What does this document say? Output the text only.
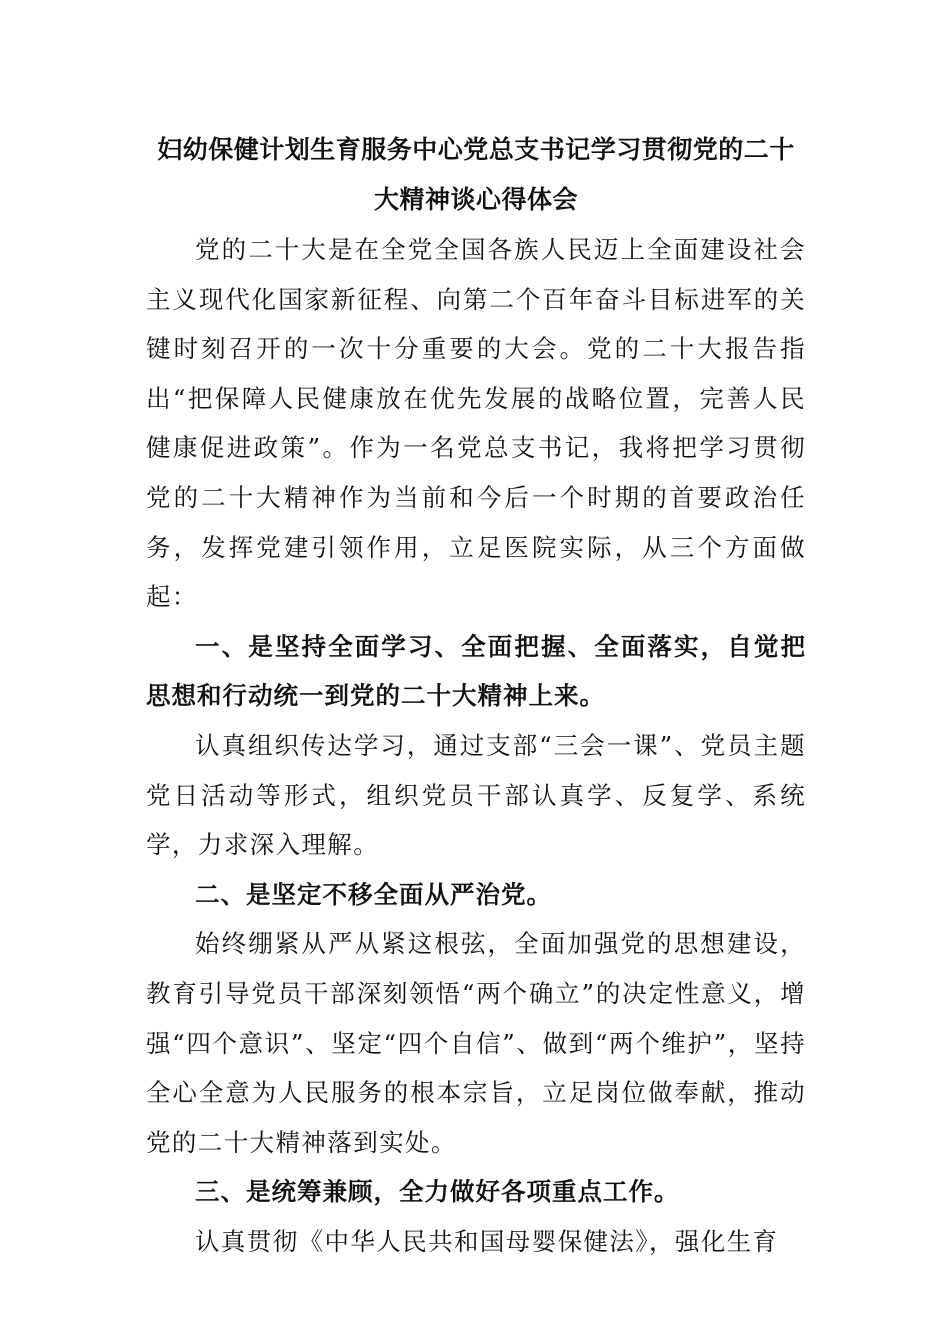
妇幼保健计划生育服务中心党总支书记学习贯彻党的二十
大精神谈心得体会

党的二十大是在全党全国各族人民迈上全面建设社会主义现代化国家新征程、向第二个百年奋斗目标进军的关键时刻召开的一次十分重要的大会。党的二十大报告指出“把保障人民健康放在优先发展的战略位置，完善人民健康促进政策”。作为一名党总支书记，我将把学习贯彻党的二十大精神作为当前和今后一个时期的首要政治任务，发挥党建引领作用，立足医院实际，从三个方面做起：

一、是坚持全面学习、全面把握、全面落实，自觉把思想和行动统一到党的二十大精神上来。

认真组织传达学习，通过支部“三会一课”、党员主题党日活动等形式，组织党员干部认真学、反复学、系统学，力求深入理解。

二、是坚定不移全面从严治党。

始终绷紧从严从紧这根弦，全面加强党的思想建设，教育引导党员干部深刻领悟“两个确立”的决定性意义，增强“四个意识”、坚定“四个自信”、做到“两个维护”，坚持全心全意为人民服务的根本宗旨，立足岗位做奉献，推动党的二十大精神落到实处。

三、是统筹兼顾，全力做好各项重点工作。

认真贯彻《中华人民共和国母婴保健法》，强化生育
